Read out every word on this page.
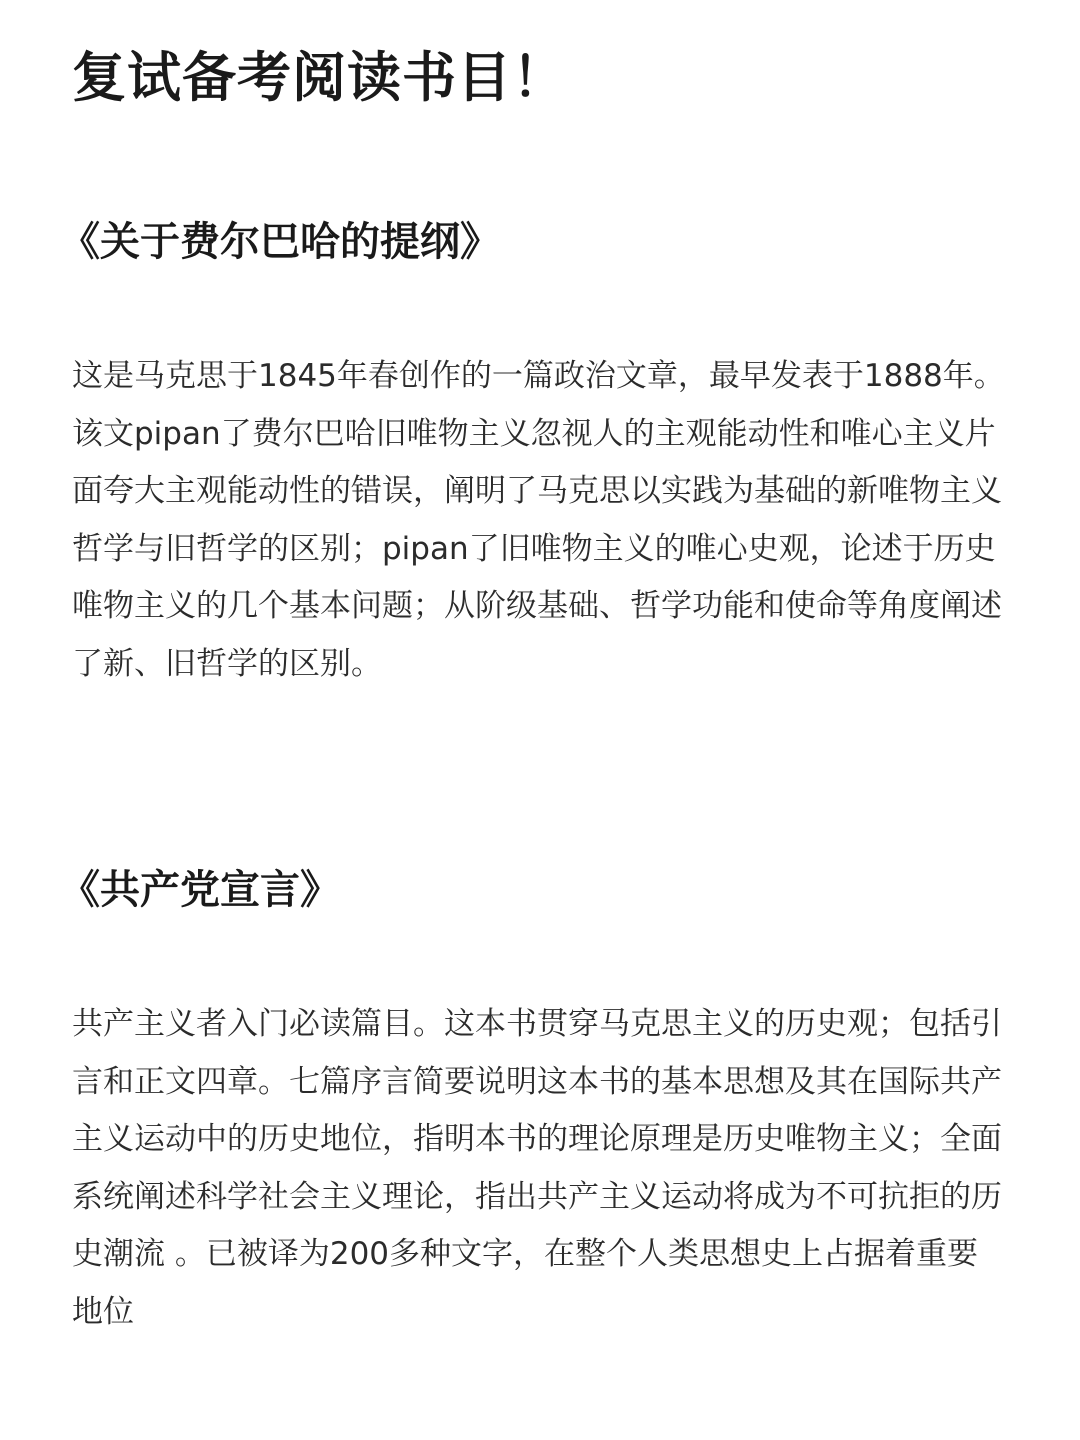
复试备考阅读书目！
《关于费尔巴哈的提纲》

这是马克思于1845年春创作的一篇政治文章，最早发表于1888年。该文pipan了费尔巴哈旧唯物主义忽视人的主观能动性和唯心主义片面夸大主观能动性的错误，阐明了马克思以实践为基础的新唯物主义哲学与旧哲学的区别；pipan了旧唯物主义的唯心史观，论述于历史唯物主义的几个基本问题；从阶级基础、哲学功能和使命等角度阐述了新、旧哲学的区别。

《共产党宣言》

共产主义者入门必读篇目。这本书贯穿马克思主义的历史观；包括引言和正文四章。七篇序言简要说明这本书的基本思想及其在国际共产主义运动中的历史地位，指明本书的理论原理是历史唯物主义；全面系统阐述科学社会主义理论，指出共产主义运动将成为不可抗拒的历史潮流 。已被译为200多种文字，在整个人类思想史上占据着重要地位
